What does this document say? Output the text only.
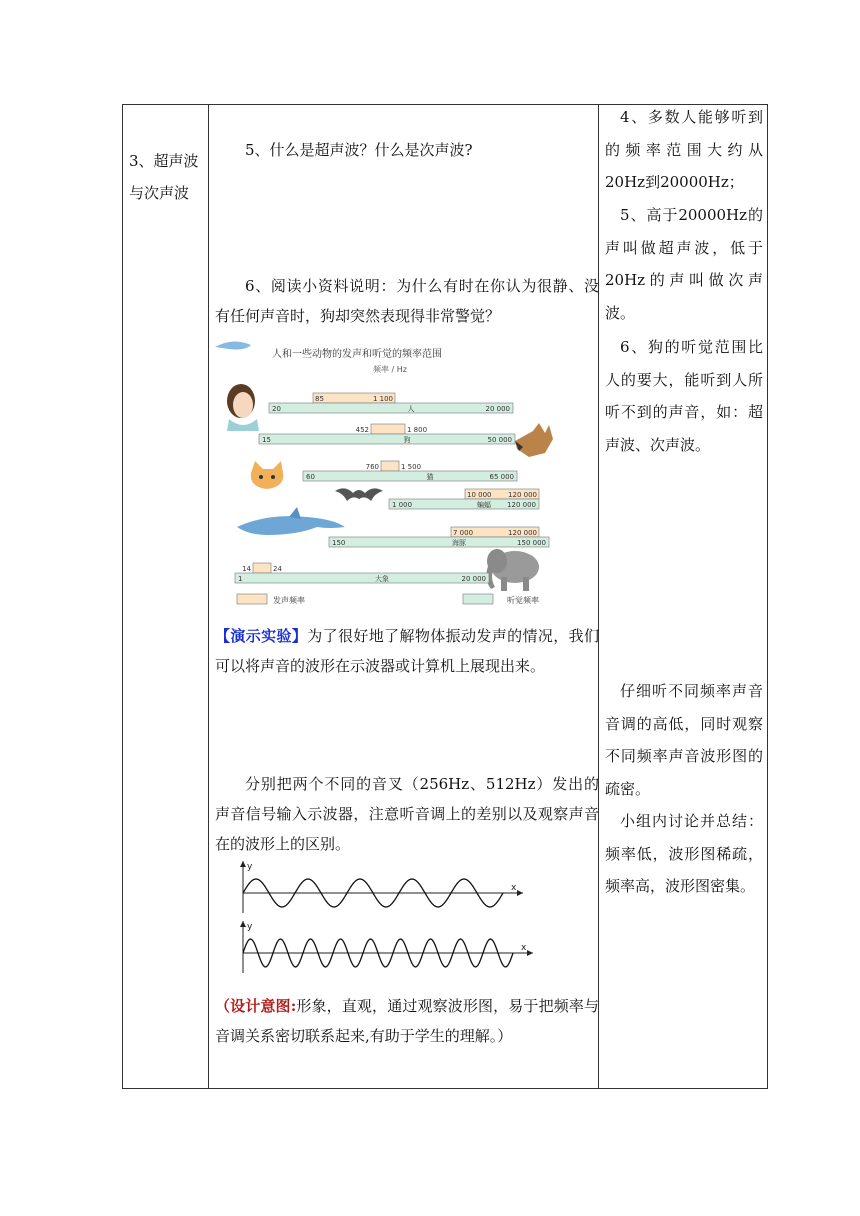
3、超声波与次声波
5、什么是超声波？什么是次声波?
6、阅读小资料说明：为什么有时在你认为很静、没有任何声音时，狗却突然表现得非常警觉？
人和一些动物的发声和听觉的频率范围
频率 / Hz
85	1 100
20	20 000
人
452	1 800
15	50 000
狗
760	1 500
60	65 000
猫
10 000 120 000
1 000	120 000
蝙蝠
7 000	120 000
150	150 000
海豚
14	24
1	20 000
大象
发声频率	听觉频率
【演示实验】为了很好地了解物体振动发声的情况，我们可以将声音的波形在示波器或计算机上展现出来。
分别把两个不同的音叉（256Hz、512Hz）发出的声音信号输入示波器，注意听音调上的差别以及观察声音在的波形上的区别。
y
x
y
x
（设计意图:形象，直观，通过观察波形图，易于把频率与音调关系密切联系起来,有助于学生的理解。）
4、多数人能够听到的频率范围大约从20Hz到20000Hz；
5、高于20000Hz的声叫做超声波，低于20Hz的声叫做次声波。
6、狗的听觉范围比人的要大，能听到人所听不到的声音，如：超声波、次声波。
仔细听不同频率声音音调的高低，同时观察不同频率声音波形图的疏密。
小组内讨论并总结：频率低，波形图稀疏，频率高，波形图密集。
